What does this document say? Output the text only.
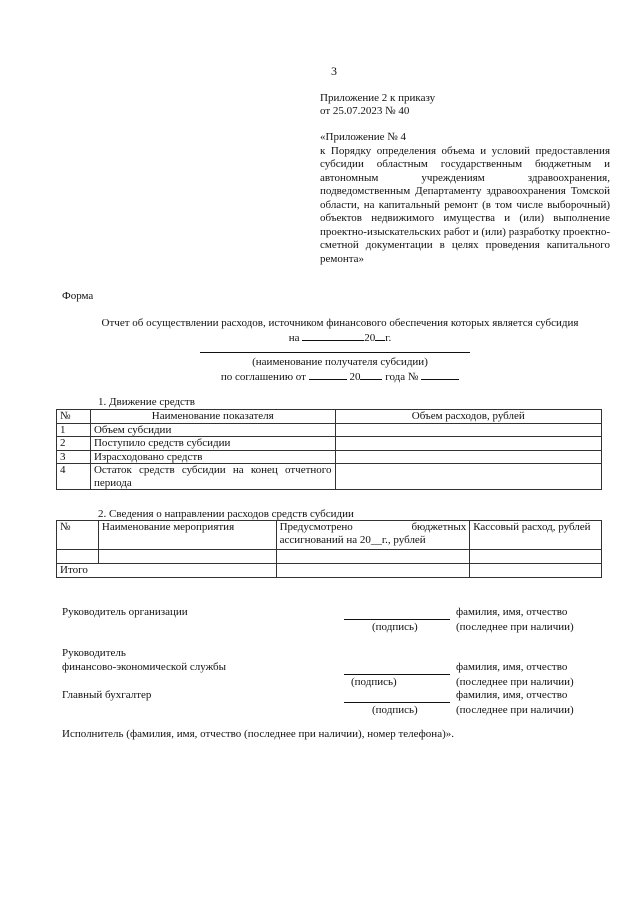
3
Приложение 2 к приказу
от 25.07.2023 № 40
«Приложение № 4
к Порядку определения объема и условий предоставления субсидии областным государственным бюджетным и автономным учреждениям здравоохранения, подведомственным Департаменту здравоохранения Томской области, на капитальный ремонт (в том числе выборочный) объектов недвижимого имущества и (или) выполнение проектно-изыскательских работ и (или) разработку проектно-сметной документации в целях проведения капитального ремонта»
Форма
Отчет об осуществлении расходов, источником финансового обеспечения которых является субсидия
на	20 г.
(наименование получателя субсидии)
по соглашению от	20 года №
1. Движение средств
№	Наименование показателя	Объем расходов, рублей
1	Объем субсидии	
2	Поступило средств субсидии	
3	Израсходовано средств	
4	Остаток средств субсидии на конец отчетного периода	
2. Сведения о направлении расходов средств субсидии
№	Наименование мероприятия	Предусмотрено бюджетных ассигнований на 20__г., рублей	Кассовый расход, рублей

Итого			
Руководитель организации
(подпись)
фамилия, имя, отчество
(последнее при наличии)
Руководитель
финансово-экономической службы
(подпись)
фамилия, имя, отчество
(последнее при наличии)
Главный бухгалтер
(подпись)
фамилия, имя, отчество
(последнее при наличии)
Исполнитель (фамилия, имя, отчество (последнее при наличии), номер телефона)».
